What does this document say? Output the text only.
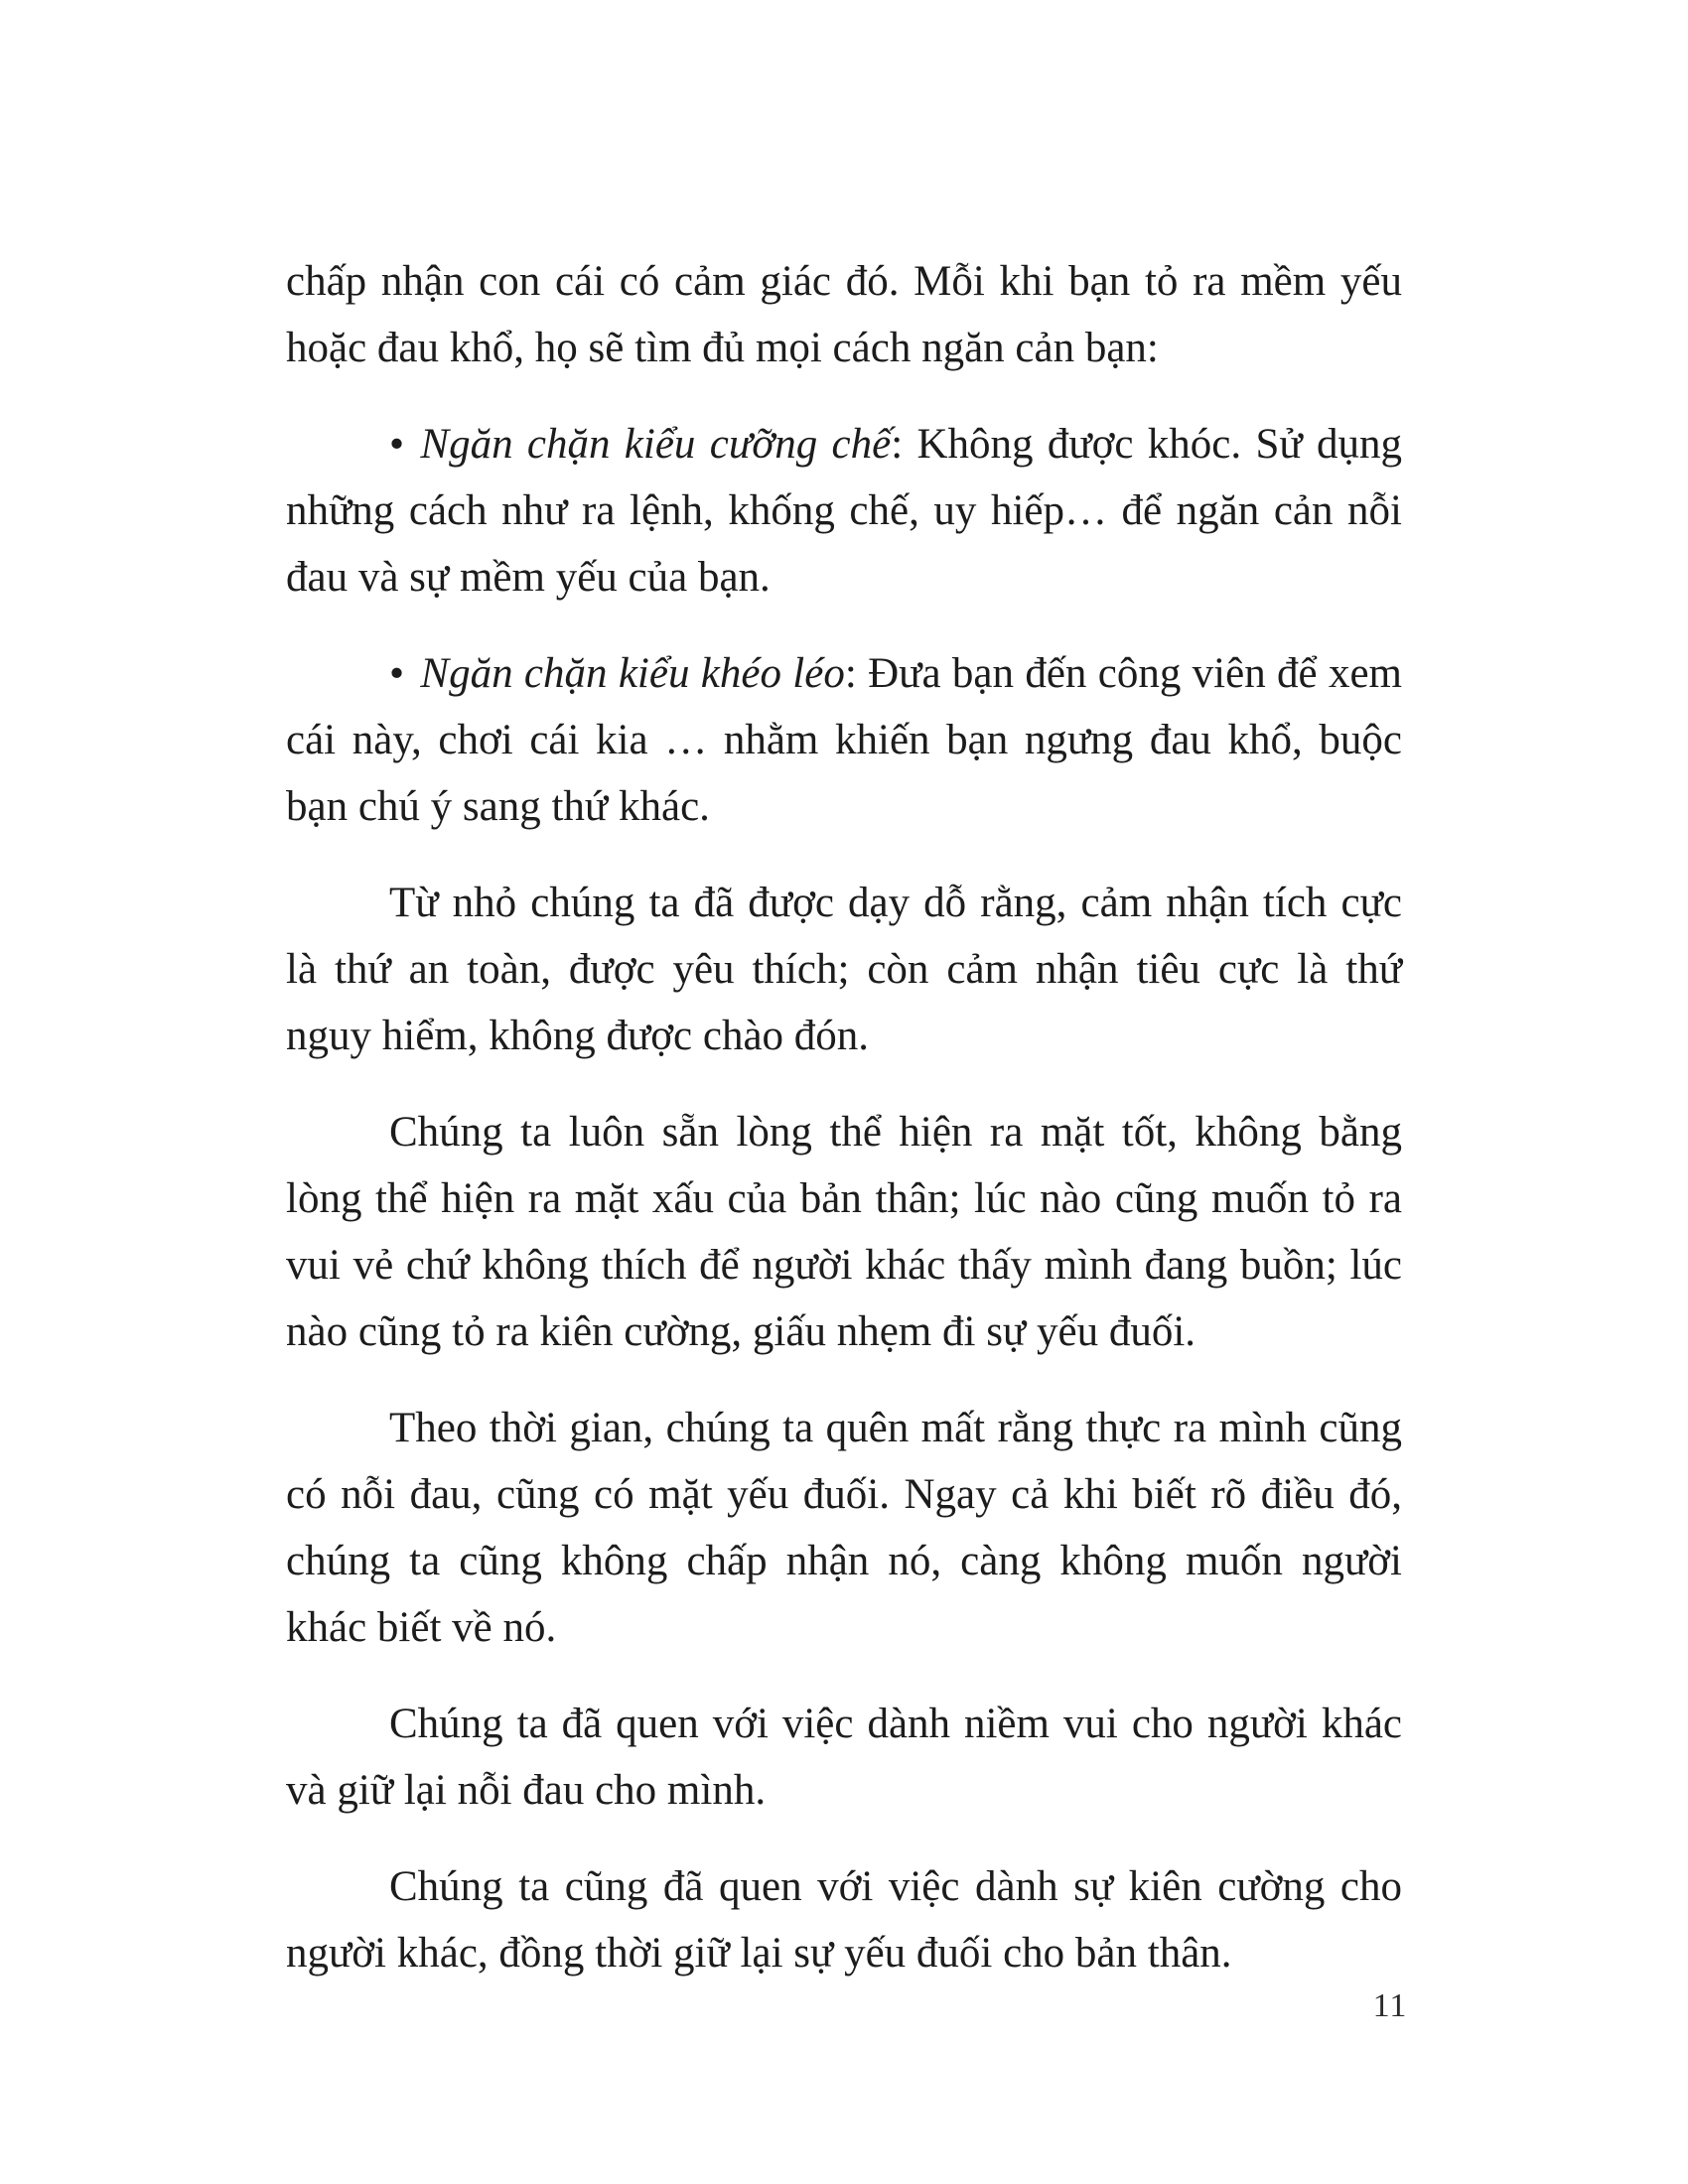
chấp nhận con cái có cảm giác đó. Mỗi khi bạn tỏ ra mềm yếu hoặc đau khổ, họ sẽ tìm đủ mọi cách ngăn cản bạn:

• Ngăn chặn kiểu cưỡng chế: Không được khóc. Sử dụng những cách như ra lệnh, khống chế, uy hiếp… để ngăn cản nỗi đau và sự mềm yếu của bạn.

• Ngăn chặn kiểu khéo léo: Đưa bạn đến công viên để xem cái này, chơi cái kia … nhằm khiến bạn ngưng đau khổ, buộc bạn chú ý sang thứ khác.

Từ nhỏ chúng ta đã được dạy dỗ rằng, cảm nhận tích cực là thứ an toàn, được yêu thích; còn cảm nhận tiêu cực là thứ nguy hiểm, không được chào đón.

Chúng ta luôn sẵn lòng thể hiện ra mặt tốt, không bằng lòng thể hiện ra mặt xấu của bản thân; lúc nào cũng muốn tỏ ra vui vẻ chứ không thích để người khác thấy mình đang buồn; lúc nào cũng tỏ ra kiên cường, giấu nhẹm đi sự yếu đuối.

Theo thời gian, chúng ta quên mất rằng thực ra mình cũng có nỗi đau, cũng có mặt yếu đuối. Ngay cả khi biết rõ điều đó, chúng ta cũng không chấp nhận nó, càng không muốn người khác biết về nó.

Chúng ta đã quen với việc dành niềm vui cho người khác và giữ lại nỗi đau cho mình.

Chúng ta cũng đã quen với việc dành sự kiên cường cho người khác, đồng thời giữ lại sự yếu đuối cho bản thân.

11
